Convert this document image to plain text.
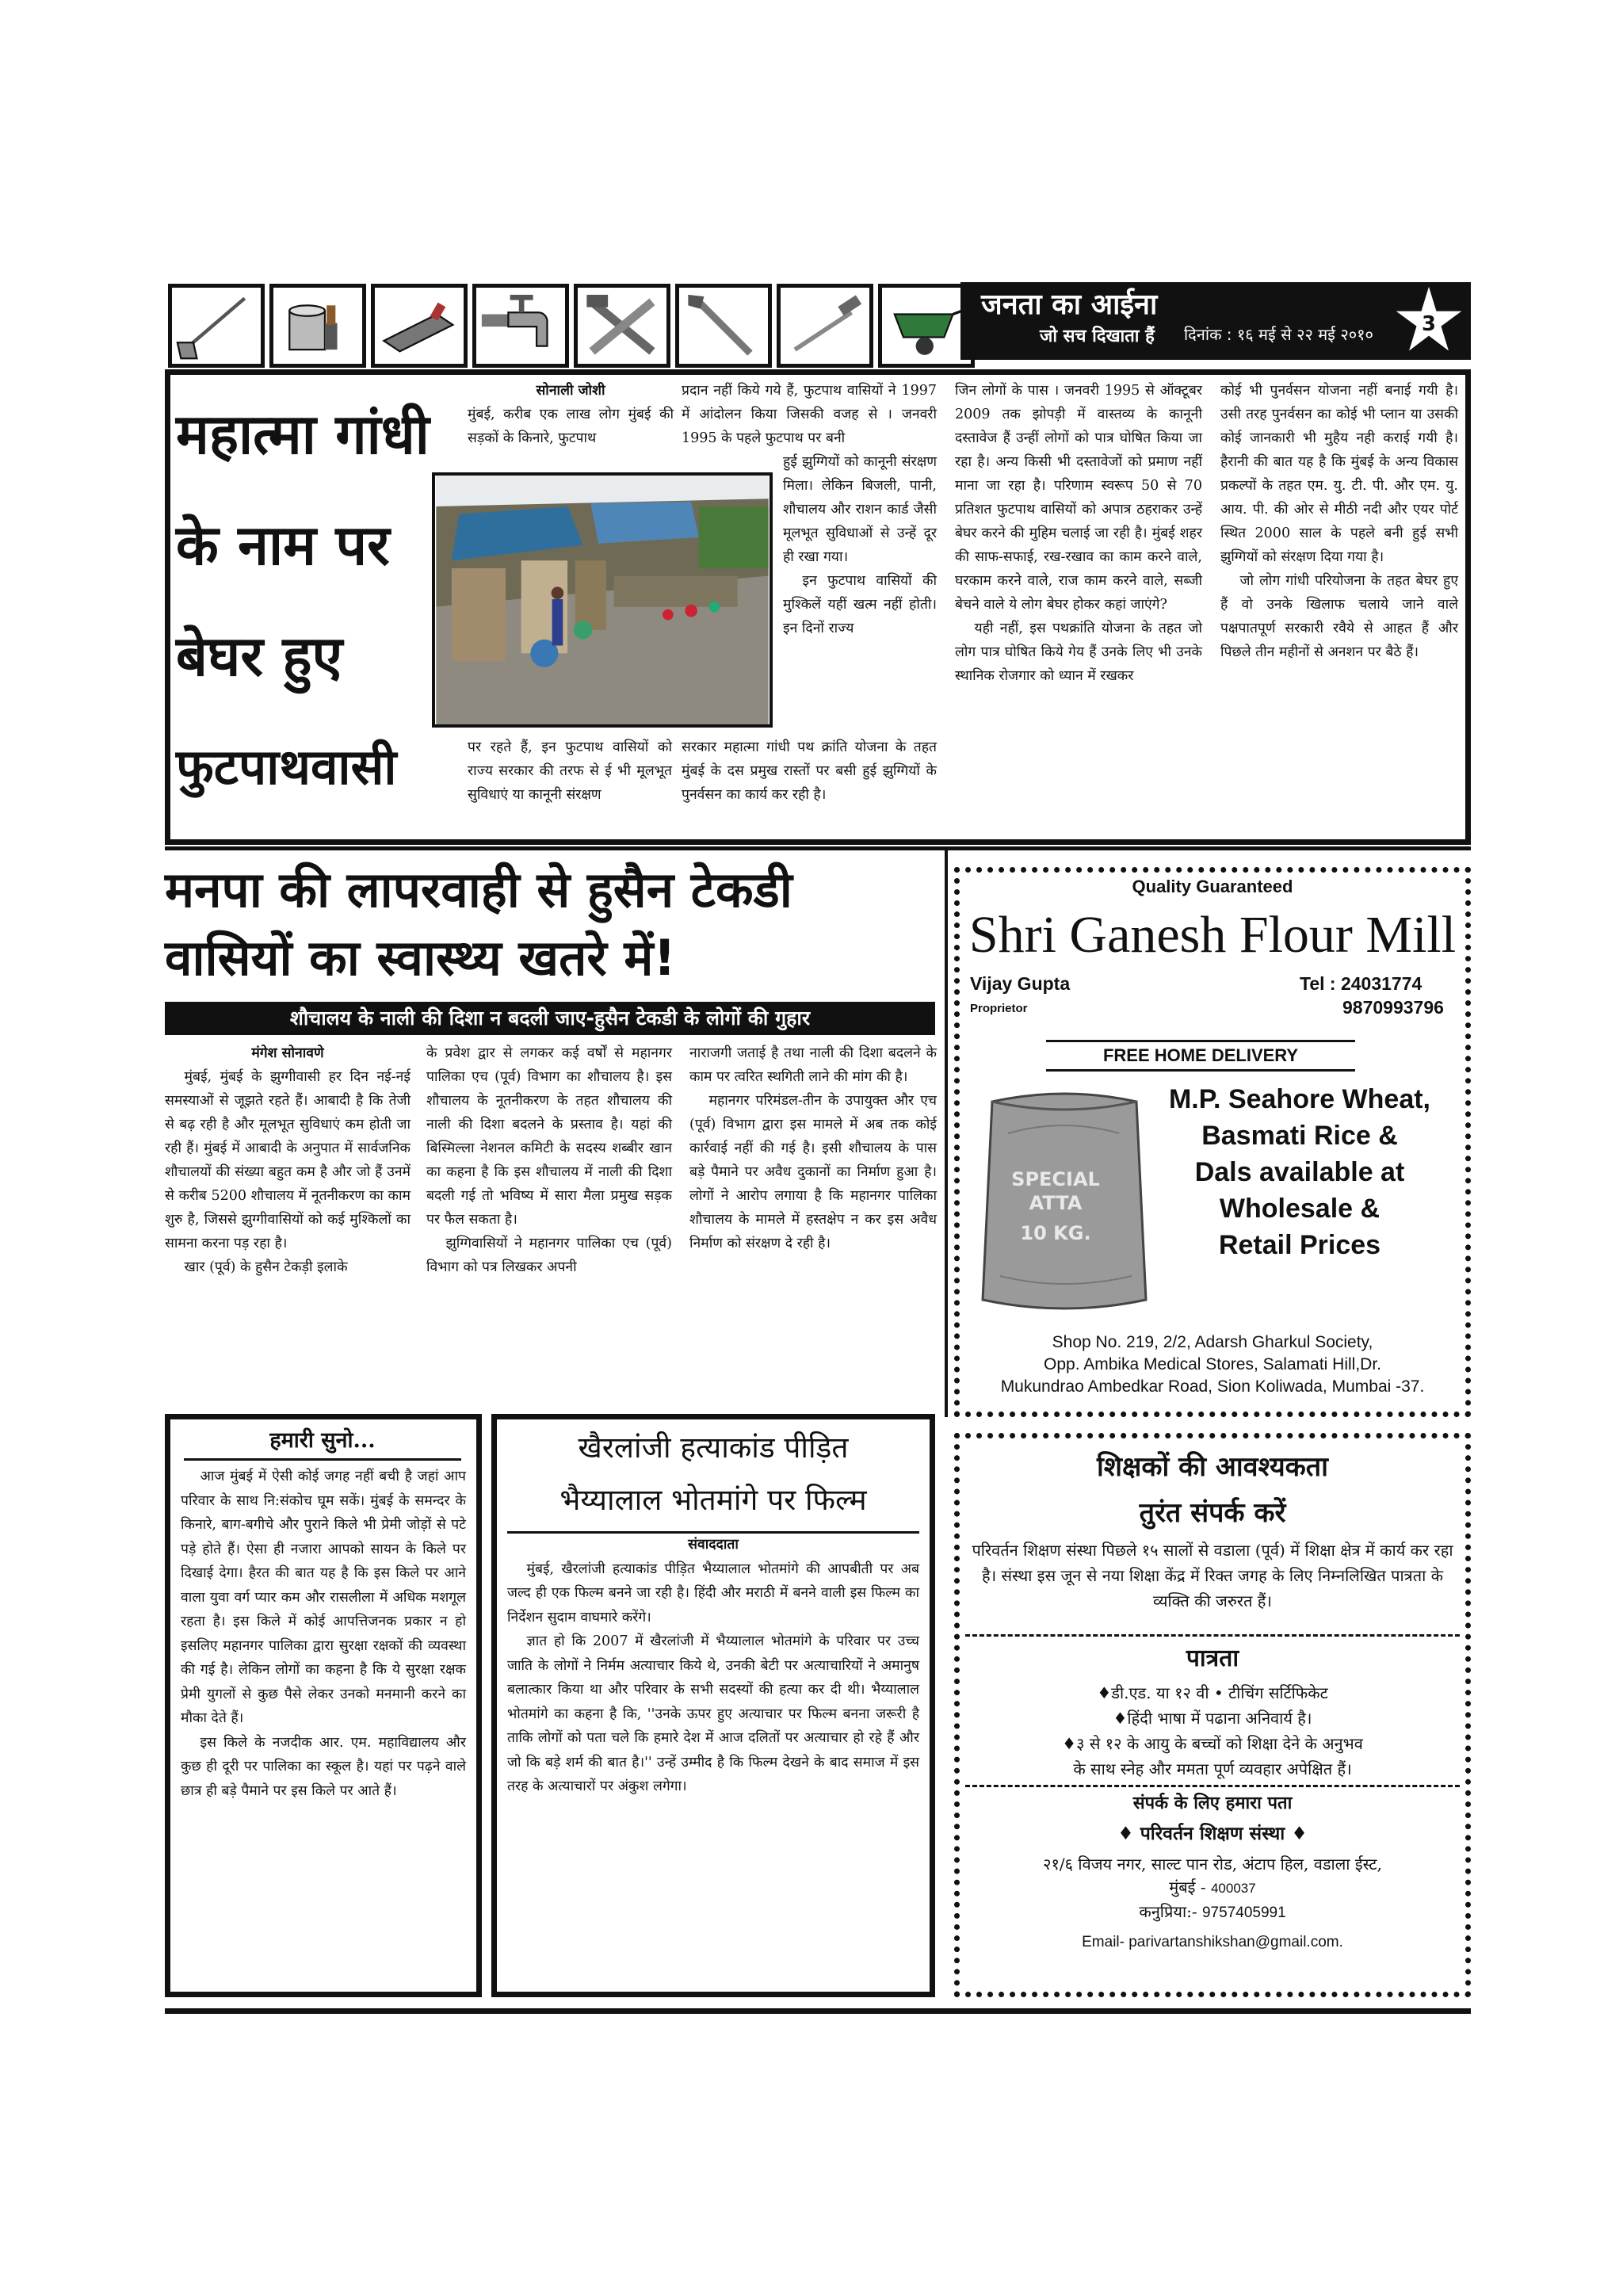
जनता का आईना
जो सच दिखाता हैं दिनांक : १६ मई से २२ मई २०१० 3
महात्मा गांधी
के नाम पर
बेघर हुए
फुटपाथवासी

सोनाली जोशी

मुंबई, करीब एक लाख लोग मुंबई की सड़कों के किनारे, फुटपाथ

प्रदान नहीं किये गये हैं, फुटपाथ वासियों ने 1997 में आंदोलन किया जिसकी वजह से । जनवरी 1995 के पहले फुटपाथ पर बनी

हुई झुग्गियों को कानूनी संरक्षण मिला। लेकिन बिजली, पानी, शौचालय और राशन कार्ड जैसी मूलभूत सुविधाओं से उन्हें दूर ही रखा गया।

इन फुटपाथ वासियों की मुश्किलें यहीं खत्म नहीं होती। इन दिनों राज्य

पर रहते हैं, इन फुटपाथ वासियों को राज्य सरकार की तरफ से ई भी मूलभूत सुविधाएं या कानूनी संरक्षण

सरकार महात्मा गांधी पथ क्रांति योजना के तहत मुंबई के दस प्रमुख रास्तों पर बसी हुई झुग्गियों के पुनर्वसन का कार्य कर रही है।

जिन लोगों के पास । जनवरी 1995 से ऑक्टूबर 2009 तक झोपड़ी में वास्तव्य के कानूनी दस्तावेज हैं उन्हीं लोगों को पात्र घोषित किया जा रहा है। अन्य किसी भी दस्तावेजों को प्रमाण नहीं माना जा रहा है। परिणाम स्वरूप 50 से 70 प्रतिशत फुटपाथ वासियों को अपात्र ठहराकर उन्हें बेघर करने की मुहिम चलाई जा रही है। मुंबई शहर की साफ-सफाई, रख-रखाव का काम करने वाले, घरकाम करने वाले, राज काम करने वाले, सब्जी बेचने वाले ये लोग बेघर होकर कहां जाएंगे?

यही नहीं, इस पथक्रांति योजना के तहत जो लोग पात्र घोषित किये गेय हैं उनके लिए भी उनके स्थानिक रोजगार को ध्यान में रखकर

कोई भी पुनर्वसन योजना नहीं बनाई गयी है। उसी तरह पुनर्वसन का कोई भी प्लान या उसकी कोई जानकारी भी मुहैय नही कराई गयी है। हैरानी की बात यह है कि मुंबई के अन्य विकास प्रकल्पों के तहत एम. यु. टी. पी. और एम. यु. आय. पी. की ओर से मीठी नदी और एयर पोर्ट स्थित 2000 साल के पहले बनी हुई सभी झुग्गियों को संरक्षण दिया गया है।

जो लोग गांधी परियोजना के तहत बेघर हुए हैं वो उनके खिलाफ चलाये जाने वाले पक्षपातपूर्ण सरकारी रवैये से आहत हैं और पिछले तीन महीनों से अनशन पर बैठे हैं।

मनपा की लापरवाही से हुसैन टेकडी
वासियों का स्वास्थ्य खतरे में!
शौचालय के नाली की दिशा न बदली जाए-हुसैन टेकडी के लोगों की गुहार

मंगेश सोनावणे

मुंबई, मुंबई के झुग्गीवासी हर दिन नई-नई समस्याओं से जूझते रहते हैं। आबादी है कि तेजी से बढ़ रही है और मूलभूत सुविधाएं कम होती जा रही हैं। मुंबई में आबादी के अनुपात में सार्वजनिक शौचालयों की संख्या बहुत कम है और जो हैं उनमें से करीब 5200 शौचालय में नूतनीकरण का काम शुरु है, जिससे झुग्गीवासियों को कई मुश्किलों का सामना करना पड़ रहा है।

खार (पूर्व) के हुसैन टेकड़ी इलाके

के प्रवेश द्वार से लगकर कई वर्षों से महानगर पालिका एच (पूर्व) विभाग का शौचालय है। इस शौचालय के नूतनीकरण के तहत शौचालय की नाली की दिशा बदलने के प्रस्ताव है। यहां की बिस्मिल्ला नेशनल कमिटी के सदस्य शब्बीर खान का कहना है कि इस शौचालय में नाली की दिशा बदली गई तो भविष्य में सारा मैला प्रमुख सड़क पर फैल सकता है।

झुग्गिवासियों ने महानगर पालिका एच (पूर्व) विभाग को पत्र लिखकर अपनी

नाराजगी जताई है तथा नाली की दिशा बदलने के काम पर त्वरित स्थगिती लाने की मांग की है।

महानगर परिमंडल-तीन के उपायुक्त और एच (पूर्व) विभाग द्वारा इस मामले में अब तक कोई कार्रवाई नहीं की गई है। इसी शौचालय के पास बड़े पैमाने पर अवैध दुकानों का निर्माण हुआ है। लोगों ने आरोप लगाया है कि महानगर पालिका शौचालय के मामले में हस्तक्षेप न कर इस अवैध निर्माण को संरक्षण दे रही है।

Quality Guaranteed
Shri Ganesh Flour Mill
Vijay Gupta
Proprietor
Tel : 24031774
9870993796
FREE HOME DELIVERY
SPECIAL
ATTA
10 KG.
M.P. Seahore Wheat,
Basmati Rice &
Dals available at
Wholesale &
Retail Prices
Shop No. 219, 2/2, Adarsh Gharkul Society,
Opp. Ambika Medical Stores, Salamati Hill,Dr.
Mukundrao Ambedkar Road, Sion Koliwada, Mumbai -37.
हमारी सुनो...

आज मुंबई में ऐसी कोई जगह नहीं बची है जहां आप परिवार के साथ नि:संकोच घूम सकें। मुंबई के समन्दर के किनारे, बाग-बगीचे और पुराने किले भी प्रेमी जोड़ों से पटे पड़े होते हैं। ऐसा ही नजारा आपको सायन के किले पर दिखाई देगा। हैरत की बात यह है कि इस किले पर आने वाला युवा वर्ग प्यार कम और रासलीला में अधिक मशगूल रहता है। इस किले में कोई आपत्तिजनक प्रकार न हो इसलिए महानगर पालिका द्वारा सुरक्षा रक्षकों की व्यवस्था की गई है। लेकिन लोगों का कहना है कि ये सुरक्षा रक्षक प्रेमी युगलों से कुछ पैसे लेकर उनको मनमानी करने का मौका देते हैं।

इस किले के नजदीक आर. एम. महाविद्यालय और कुछ ही दूरी पर पालिका का स्कूल है। यहां पर पढ़ने वाले छात्र ही बड़े पैमाने पर इस किले पर आते हैं।

खैरलांजी हत्याकांड पीड़ित
भैय्यालाल भोतमांगे पर फिल्म

संवाददाता

मुंबई, खैरलांजी हत्याकांड पीड़ित भैय्यालाल भोतमांगे की आपबीती पर अब जल्द ही एक फिल्म बनने जा रही है। हिंदी और मराठी में बनने वाली इस फिल्म का निर्देशन सुदाम वाघमारे करेंगे।

ज्ञात हो कि 2007 में खैरलांजी में भैय्यालाल भोतमांगे के परिवार पर उच्च जाति के लोगों ने निर्मम अत्याचार किये थे, उनकी बेटी पर अत्याचारियों ने अमानुष बलात्कार किया था और परिवार के सभी सदस्यों की हत्या कर दी थी। भैय्यालाल भोतमांगे का कहना है कि, ''उनके ऊपर हुए अत्याचार पर फिल्म बनना जरूरी है ताकि लोगों को पता चले कि हमारे देश में आज दलितों पर अत्याचार हो रहे हैं और जो कि बड़े शर्म की बात है।'' उन्हें उम्मीद है कि फिल्म देखने के बाद समाज में इस तरह के अत्याचारों पर अंकुश लगेगा।

शिक्षकों की आवश्यकता
तुरंत संपर्क करें
परिवर्तन शिक्षण संस्था पिछले १५ सालों से वडाला (पूर्व) में शिक्षा क्षेत्र में कार्य कर रहा है। संस्था इस जून से नया शिक्षा केंद्र में रिक्त जगह के लिए निम्नलिखित पात्रता के व्यक्ति की जरुरत हैं।
पात्रता
♦डी.एड. या १२ वी • टीचिंग सर्टिफिकेट
♦हिंदी भाषा में पढाना अनिवार्य है।
♦३ से १२ के आयु के बच्चों को शिक्षा देने के अनुभव
के साथ स्नेह और ममता पूर्ण व्यवहार अपेक्षित हैं।
संपर्क के लिए हमारा पता
♦ परिवर्तन शिक्षण संस्था ♦
२१/६ विजय नगर, साल्ट पान रोड, अंटाप हिल, वडाला ईस्ट,
मुंबई - 400037
कनुप्रिया:- 9757405991
Email- parivartanshikshan@gmail.com.
